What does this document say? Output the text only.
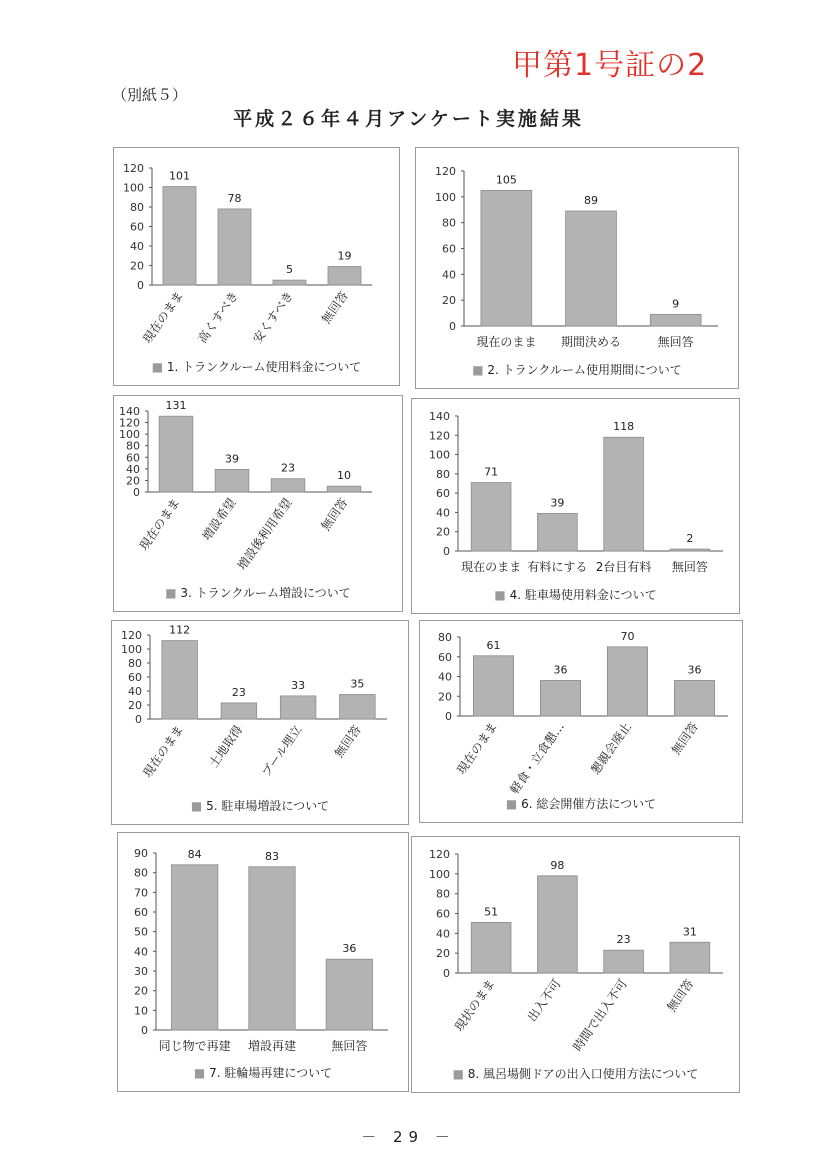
甲第1号証の2
（別紙５）
平成２６年４月アンケート実施結果
－ 29 －
0
20
40
60
80
100
120
101
現在のまま
78
高くすべき
5
安くすべき
19
無回答
■ 1. トランクルーム使用料金について
0
20
40
60
80
100
120
105
現在のまま
89
期間決める
9
無回答
■ 2. トランクルーム使用期間について
0
20
40
60
80
100
120
140 131
現在のまま
39
増設希望
23
増設後利用希望
10
無回答
■ 3. トランクルーム増設について
0
20
40
60
80
100
120
140
71
現在のまま
39
有料にする
118
2台目有料
2
無回答
■ 4. 駐車場使用料金について
0
20
40
60
80
100
120 112
現在のまま
23
土地取得
33
プール埋立
35
無回答
■ 5. 駐車場増設について
0
20
40
60
80
61
現在のまま
36
軽食・立食懇…
70
懇親会廃止
36
無回答
■ 6. 総会開催方法について
0
10
20
30
40
50
60
70
80
90	84
同じ物で再建
83
増設再建
36
無回答
■ 7. 駐輪場再建について
0
20
40
60
80
100
120
51
現状のまま
98
出入不可
23
時間で出入不可
31
無回答
■ 8. 風呂場側ドアの出入口使用方法について
